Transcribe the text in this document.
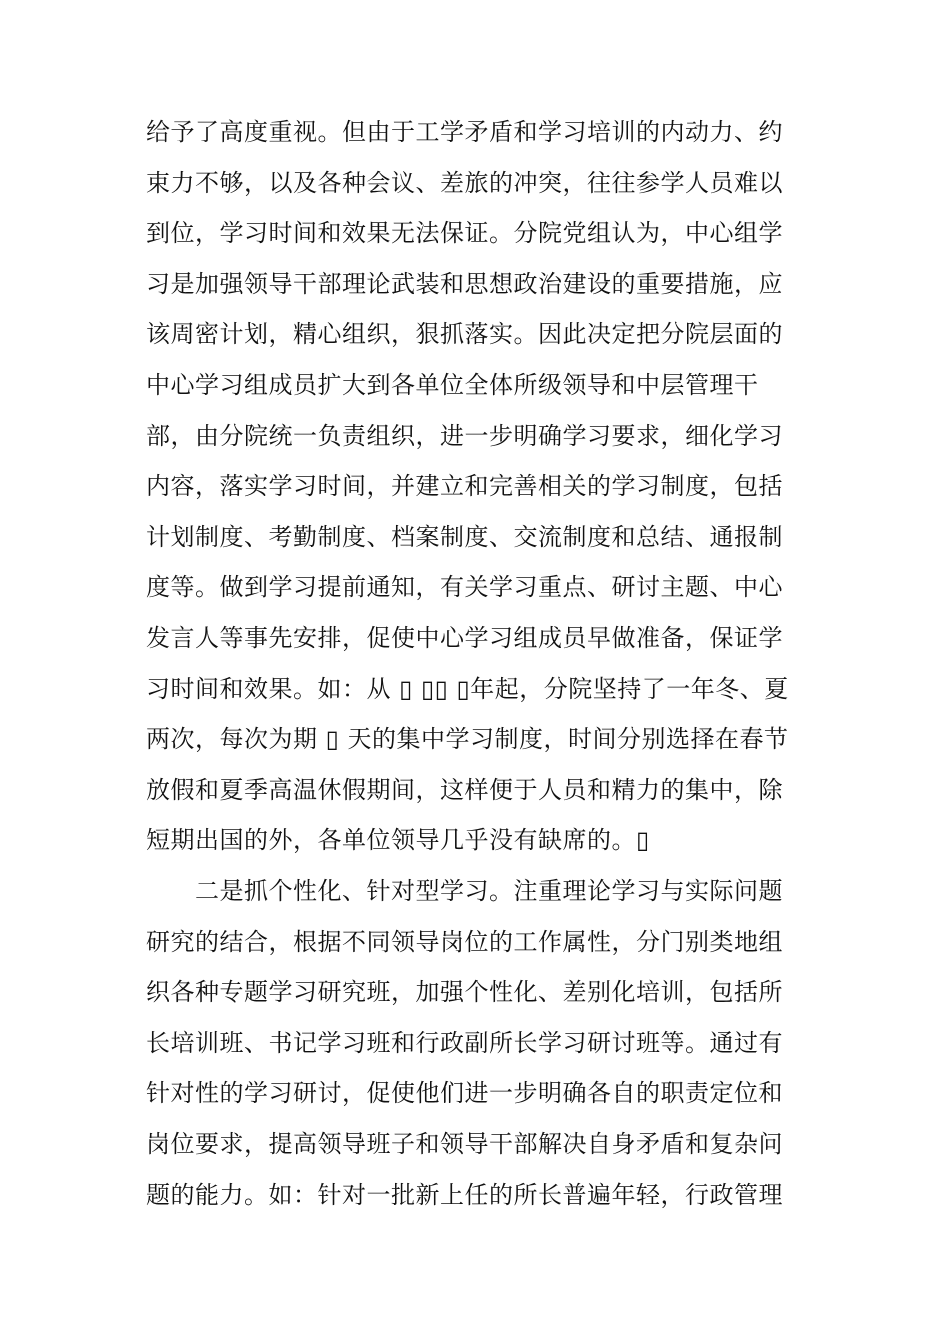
给予了高度重视。但由于工学矛盾和学习培训的内动力、约
束力不够，以及各种会议、差旅的冲突，往往参学人员难以
到位，学习时间和效果无法保证。分院党组认为，中心组学
习是加强领导干部理论武装和思想政治建设的重要措施，应
该周密计划，精心组织，狠抓落实。因此决定把分院层面的
中心学习组成员扩大到各单位全体所级领导和中层管理干
部，由分院统一负责组织，进一步明确学习要求，细化学习
内容，落实学习时间，并建立和完善相关的学习制度，包括
计划制度、考勤制度、档案制度、交流制度和总结、通报制
度等。做到学习提前通知，有关学习重点、研讨主题、中心
发言人等事先安排，促使中心学习组成员早做准备，保证学
习时间和效果。如：从 ▯ ▯▯ ▯年起，分院坚持了一年冬、夏
两次，每次为期 ▯ 天的集中学习制度，时间分别选择在春节
放假和夏季高温休假期间，这样便于人员和精力的集中，除
短期出国的外，各单位领导几乎没有缺席的。▯
　　二是抓个性化、针对型学习。注重理论学习与实际问题
研究的结合，根据不同领导岗位的工作属性，分门别类地组
织各种专题学习研究班，加强个性化、差别化培训，包括所
长培训班、书记学习班和行政副所长学习研讨班等。通过有
针对性的学习研讨，促使他们进一步明确各自的职责定位和
岗位要求，提高领导班子和领导干部解决自身矛盾和复杂问
题的能力。如：针对一批新上任的所长普遍年轻，行政管理
